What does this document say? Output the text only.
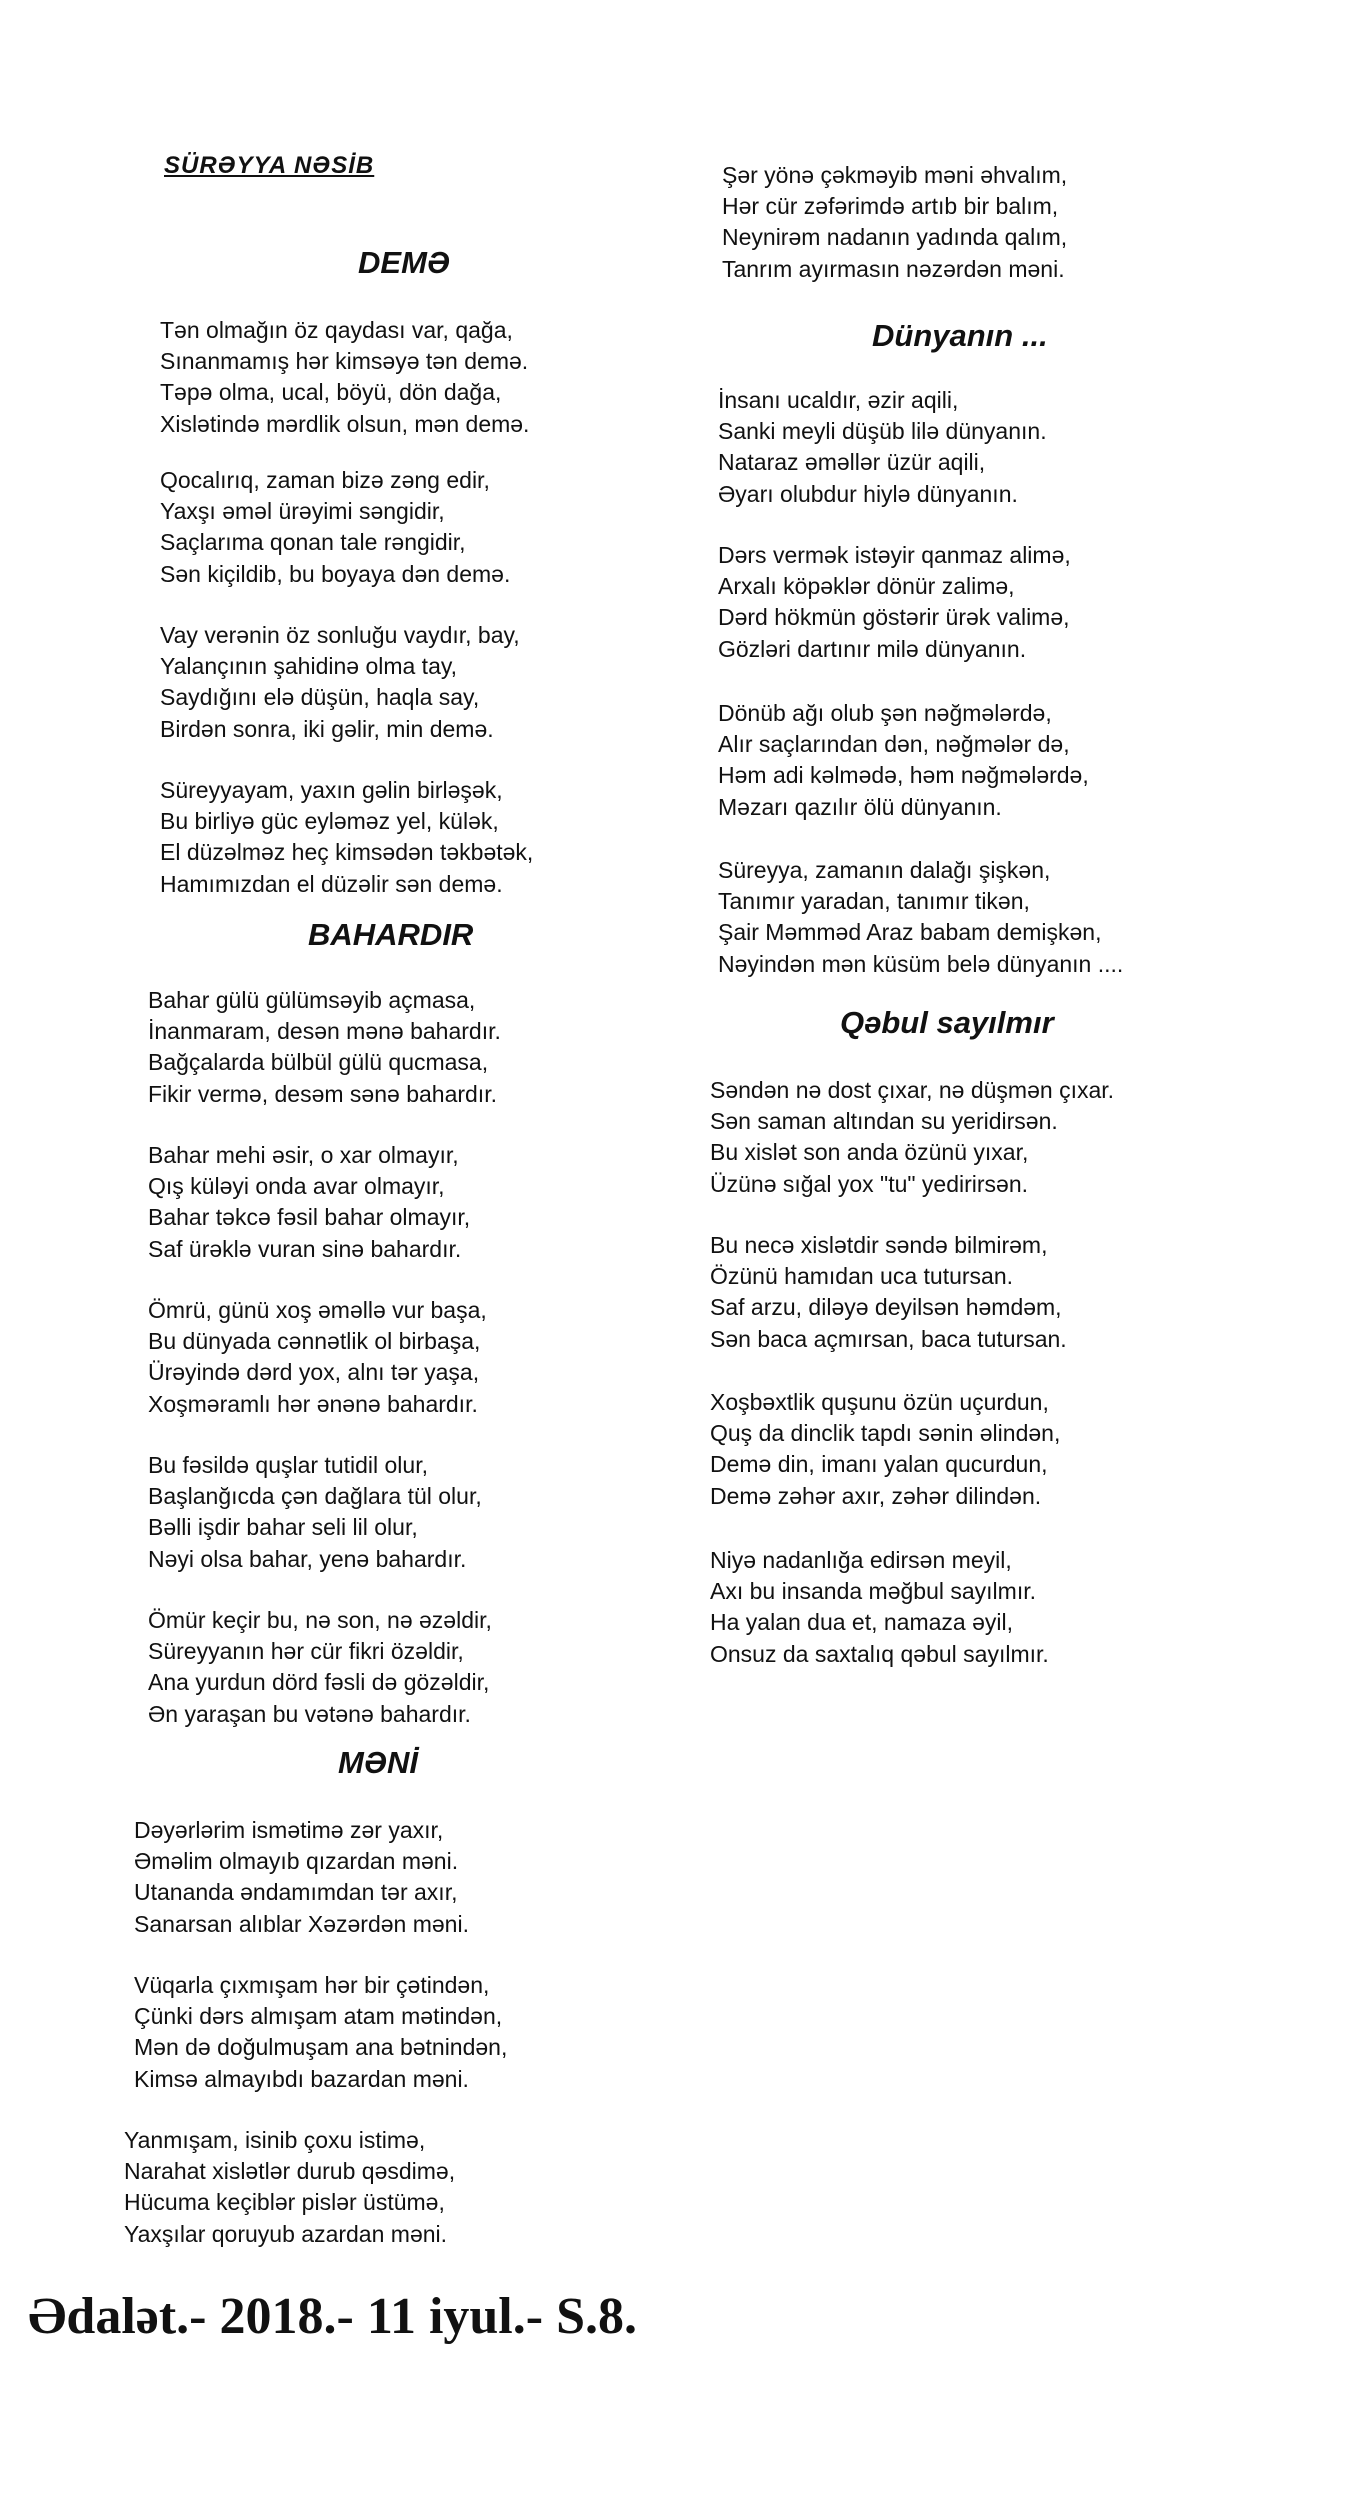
SÜRƏYYA NƏSİB
DEMƏ
Tən olmağın öz qaydası var, qağa,
Sınanmamış hər kimsəyə tən demə.
Təpə olma, ucal, böyü, dön dağa,
Xislətində mərdlik olsun, mən demə.
Qocalırıq, zaman bizə zəng edir,
Yaxşı əməl ürəyimi səngidir,
Saçlarıma qonan tale rəngidir,
Sən kiçildib, bu boyaya dən demə.
Vay verənin öz sonluğu vaydır, bay,
Yalançının şahidinə olma tay,
Saydığını elə düşün, haqla say,
Birdən sonra, iki gəlir, min demə.
Süreyyayam, yaxın gəlin birləşək,
Bu birliyə güc eyləməz yel, külək,
El düzəlməz heç kimsədən təkbətək,
Hamımızdan el düzəlir sən demə.
BAHARDIR
Bahar gülü gülümsəyib açmasa,
İnanmaram, desən mənə bahardır.
Bağçalarda bülbül gülü qucmasa,
Fikir vermə, desəm sənə bahardır.
Bahar mehi əsir, o xar olmayır,
Qış küləyi onda avar olmayır,
Bahar təkcə fəsil bahar olmayır,
Saf ürəklə vuran sinə bahardır.
Ömrü, günü xoş əməllə vur başa,
Bu dünyada cənnətlik ol birbaşa,
Ürəyində dərd yox, alnı tər yaşa,
Xoşməramlı hər ənənə bahardır.
Bu fəsildə quşlar tutidil olur,
Başlanğıcda çən dağlara tül olur,
Bəlli işdir bahar seli lil olur,
Nəyi olsa bahar, yenə bahardır.
Ömür keçir bu, nə son, nə əzəldir,
Süreyyanın hər cür fikri özəldir,
Ana yurdun dörd fəsli də gözəldir,
Ən yaraşan bu vətənə bahardır.
MƏNİ
Dəyərlərim ismətimə zər yaxır,
Əməlim olmayıb qızardan məni.
Utananda əndamımdan tər axır,
Sanarsan alıblar Xəzərdən məni.
Vüqarla çıxmışam hər bir çətindən,
Çünki dərs almışam atam mətindən,
Mən də doğulmuşam ana bətnindən,
Kimsə almayıbdı bazardan məni.
Yanmışam, isinib çoxu istimə,
Narahat xislətlər durub qəsdimə,
Hücuma keçiblər pislər üstümə,
Yaxşılar qoruyub azardan məni.
Şər yönə çəkməyib məni əhvalım,
Hər cür zəfərimdə artıb bir balım,
Neynirəm nadanın yadında qalım,
Tanrım ayırmasın nəzərdən məni.
Dünyanın ...
İnsanı ucaldır, əzir aqili,
Sanki meyli düşüb lilə dünyanın.
Nataraz əməllər üzür aqili,
Əyarı olubdur hiylə dünyanın.
Dərs vermək istəyir qanmaz alimə,
Arxalı köpəklər dönür zalimə,
Dərd hökmün göstərir ürək valimə,
Gözləri dartınır milə dünyanın.
Dönüb ağı olub şən nəğmələrdə,
Alır saçlarından dən, nəğmələr də,
Həm adi kəlmədə, həm nəğmələrdə,
Məzarı qazılır ölü dünyanın.
Süreyya, zamanın dalağı şişkən,
Tanımır yaradan, tanımır tikən,
Şair Məmməd Araz babam demişkən,
Nəyindən mən küsüm belə dünyanın ....
Qəbul sayılmır
Səndən nə dost çıxar, nə düşmən çıxar.
Sən saman altından su yeridirsən.
Bu xislət son anda özünü yıxar,
Üzünə sığal yox "tu" yedirirsən.
Bu necə xislətdir səndə bilmirəm,
Özünü hamıdan uca tutursan.
Saf arzu, diləyə deyilsən həmdəm,
Sən baca açmırsan, baca tutursan.
Xoşbəxtlik quşunu özün uçurdun,
Quş da dinclik tapdı sənin əlindən,
Demə din, imanı yalan qucurdun,
Demə zəhər axır, zəhər dilindən.
Niyə nadanlığa edirsən meyil,
Axı bu insanda məğbul sayılmır.
Ha yalan dua et, namaza əyil,
Onsuz da saxtalıq qəbul sayılmır.
Ədalət.- 2018.- 11 iyul.- S.8.
